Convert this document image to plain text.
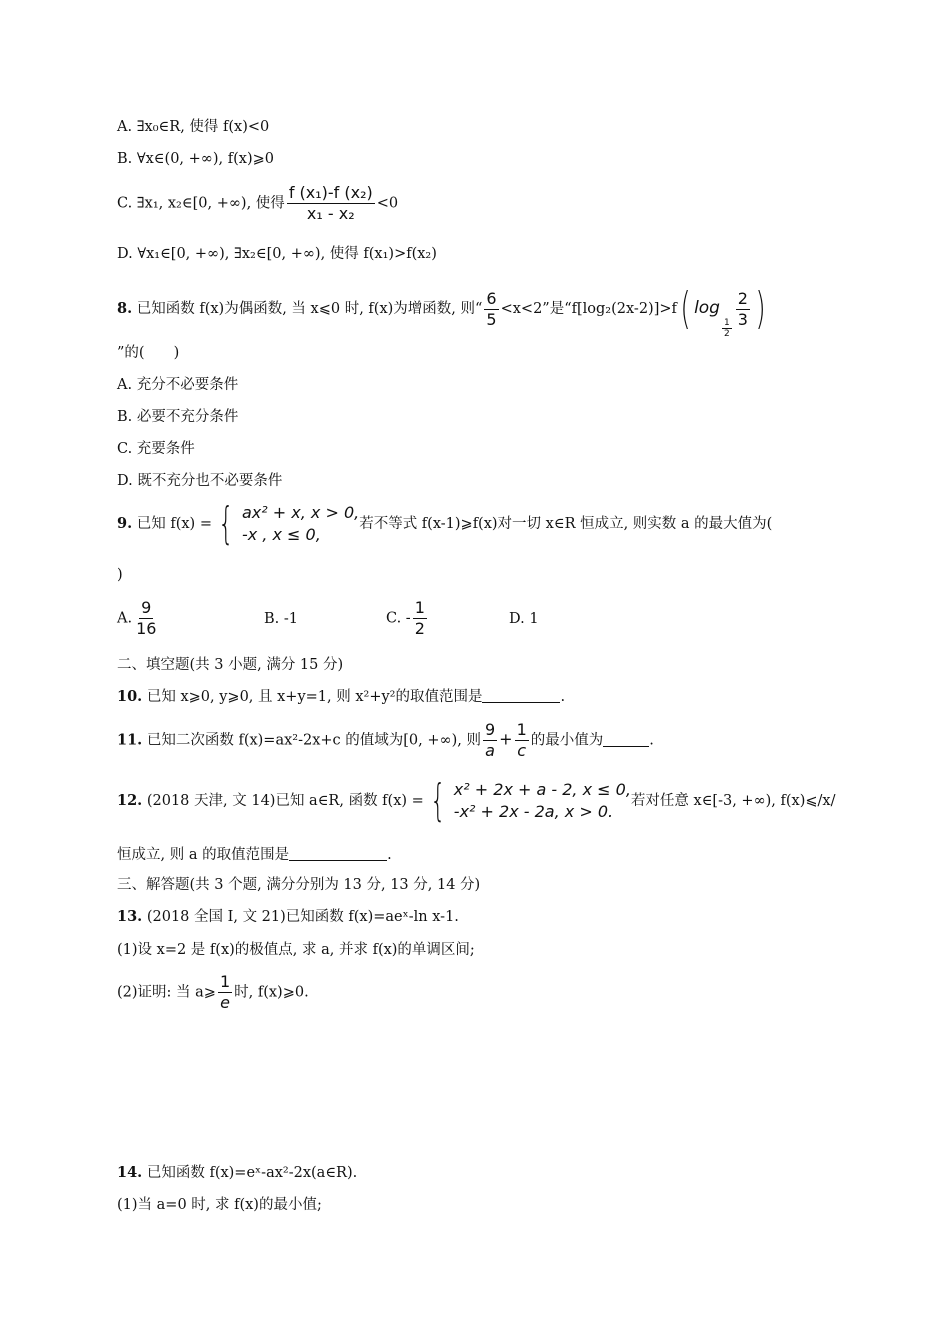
A. ∃x₀∈R, 使得 f(x)<0
B. ∀x∈(0, +∞), f(x)⩾0
C. ∃x₁, x₂∈[0, +∞), 使得 $\frac{\text{f (x₁)-f (x₂)}}{\text{x₁ - x₂}} <0$
D. ∀x₁∈[0, +∞), ∃x₂∈[0, +∞), 使得 f(x₁)>f(x₂)
8. 已知函数 f(x)为偶函数, 当 x⩽0 时, f(x)为增函数, 则“ $\frac{6}{5} <x<2$”是“f[log₂(2x-2)]>f( log
$\frac{1}{2} \frac{2}{3}$ )
”的(　　)
A. 充分不必要条件
B. 必要不充分条件
C. 充要条件
D. 既不充分也不必要条件
9. 已知 f(x) = { ax² + x, x > 0,
-x , x ≤ 0,
若不等式 f(x-1)⩾f(x)对一切 x∈R 恒成立, 则实数 a 的最大值为(
)
A. $\frac{9}{16}$	B. -1	C. - $\frac{1}{2}$	D. 1
二、填空题(共 3 小题, 满分 15 分)
10. 已知 x⩾0, y⩾0, 且 x+y=1, 则 x²+y²的取值范围是	.
11. 已知二次函数 f(x)=ax²-2x+c 的值域为[0, +∞), 则 $\frac{9}{a} + \frac{1}{c}$ 的最小值为	.
12. (2018 天津, 文 14)已知 a∈R, 函数 f(x) = { x² + 2x + a - 2, x ≤ 0,
-x² + 2x - 2a, x > 0.
若对任意 x∈[-3, +∞), f(x)⩽/x/
恒成立, 则 a 的取值范围是	.
三、解答题(共 3 个题, 满分分别为 13 分, 13 分, 14 分)
13. (2018 全国 Ⅰ, 文 21)已知函数 f(x)=aeˣ-ln x-1.
(1)设 x=2 是 f(x)的极值点, 求 a, 并求 f(x)的单调区间;
(2)证明: 当 a⩾ $\frac{1}{e}$ 时, f(x)⩾0.
14. 已知函数 f(x)=eˣ-ax²-2x(a∈R).
(1)当 a=0 时, 求 f(x)的最小值;
